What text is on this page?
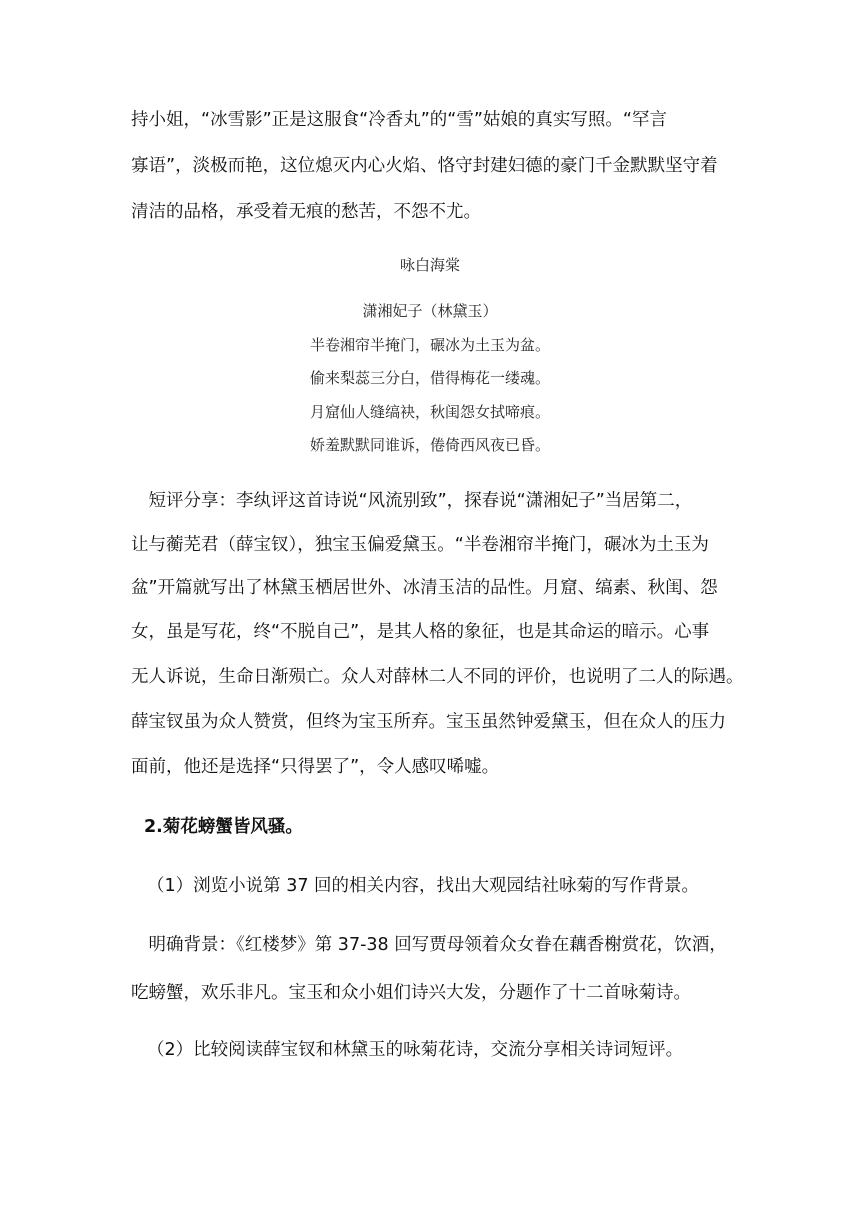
持小姐，“冰雪影”正是这服食“冷香丸”的“雪”姑娘的真实写照。“罕言
寡语”，淡极而艳，这位熄灭内心火焰、恪守封建妇德的豪门千金默默坚守着
清洁的品格，承受着无痕的愁苦，不怨不尤。
咏白海棠
潇湘妃子（林黛玉）
半卷湘帘半掩门，碾冰为土玉为盆。
偷来梨蕊三分白，借得梅花一缕魂。
月窟仙人缝缟袂，秋闺怨女拭啼痕。
娇羞默默同谁诉，倦倚西风夜已昏。
　短评分享：李纨评这首诗说“风流别致”，探春说“潇湘妃子”当居第二，
让与蘅芜君（薛宝钗），独宝玉偏爱黛玉。“半卷湘帘半掩门，碾冰为土玉为
盆”开篇就写出了林黛玉栖居世外、冰清玉洁的品性。月窟、缟素、秋闺、怨
女，虽是写花，终“不脱自己”，是其人格的象征，也是其命运的暗示。心事
无人诉说，生命日渐殒亡。众人对薛林二人不同的评价，也说明了二人的际遇。
薛宝钗虽为众人赞赏，但终为宝玉所弃。宝玉虽然钟爱黛玉，但在众人的压力
面前，他还是选择“只得罢了”，令人感叹唏嘘。
2.菊花螃蟹皆风骚。
（1）浏览小说第 37 回的相关内容，找出大观园结社咏菊的写作背景。
　明确背景：《红楼梦》第 37-38 回写贾母领着众女眷在藕香榭赏花，饮酒，
吃螃蟹，欢乐非凡。宝玉和众小姐们诗兴大发，分题作了十二首咏菊诗。
（2）比较阅读薛宝钗和林黛玉的咏菊花诗，交流分享相关诗词短评。
